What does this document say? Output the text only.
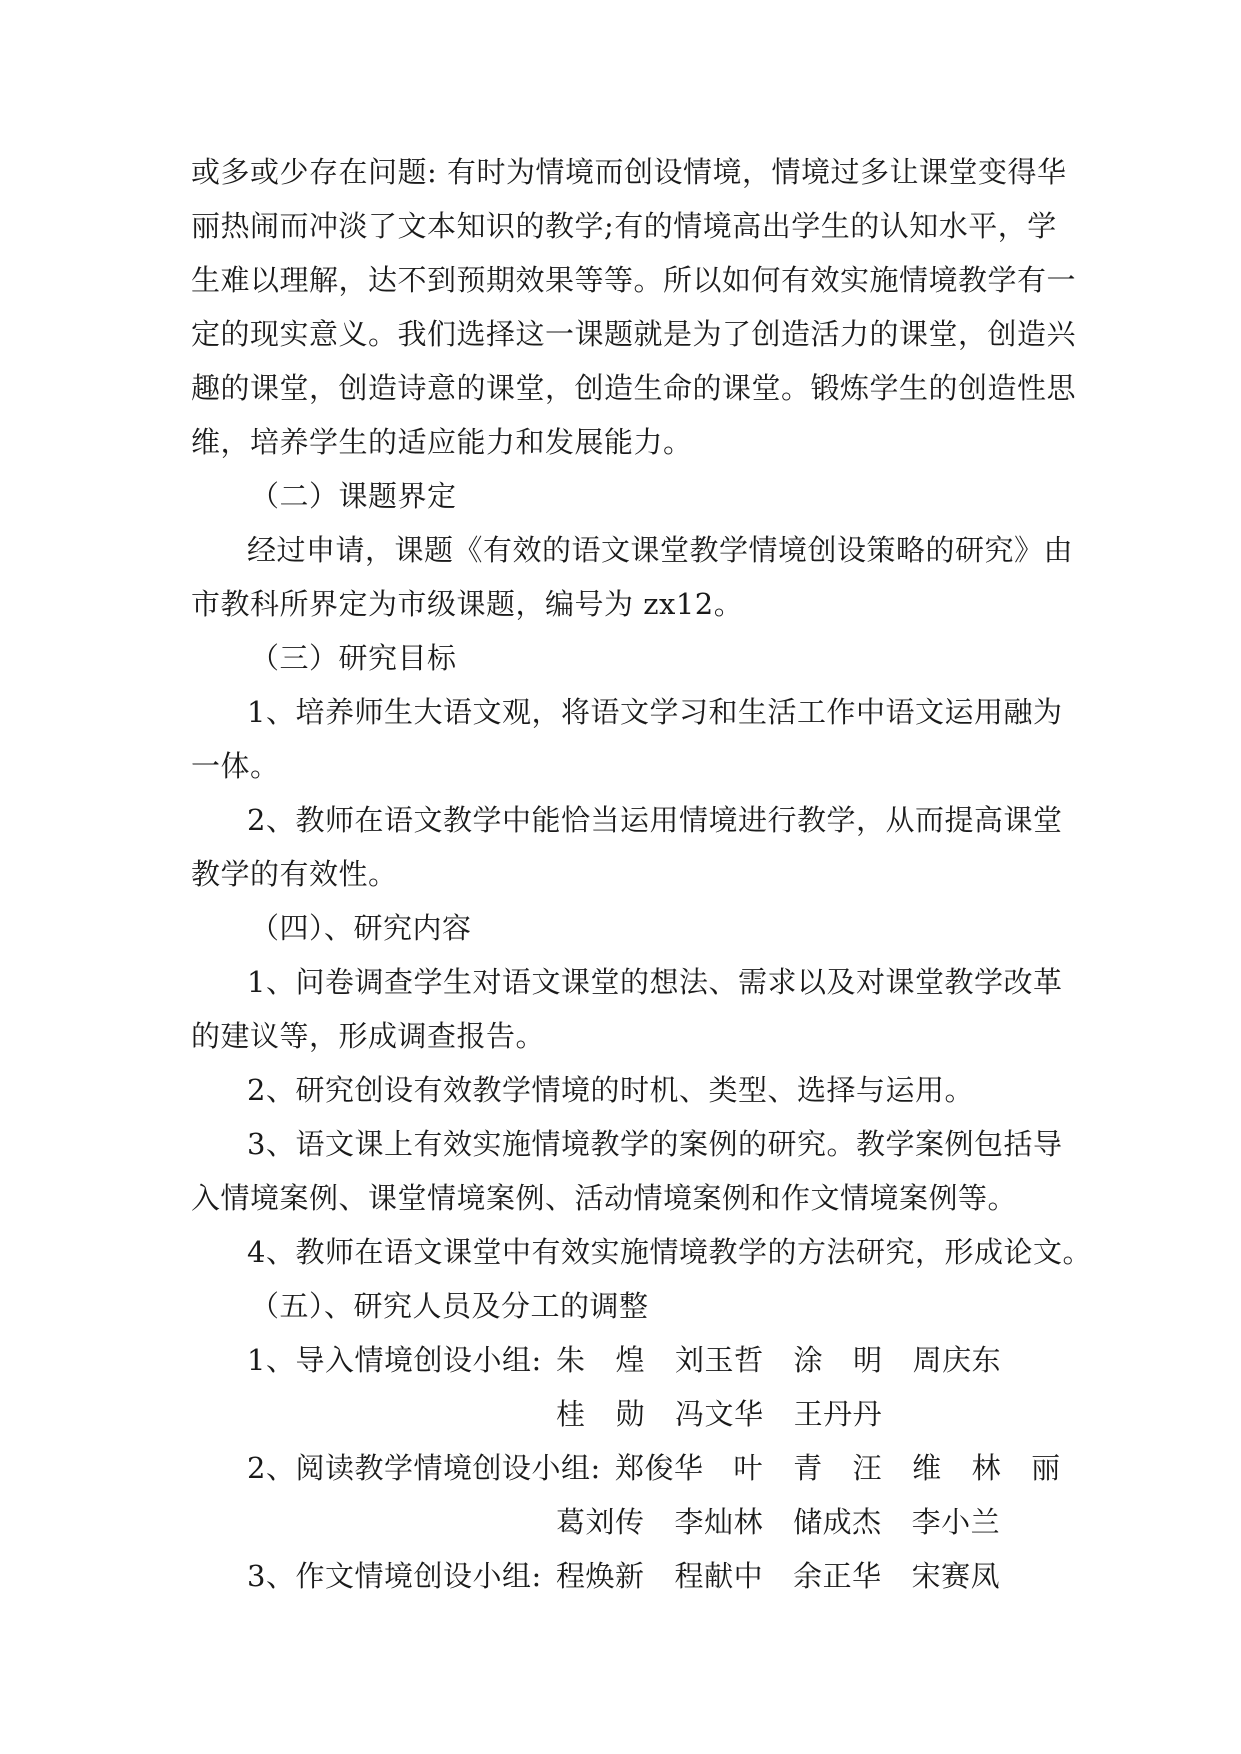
或多或少存在问题: 有时为情境而创设情境，情境过多让课堂变得华
丽热闹而冲淡了文本知识的教学;有的情境高出学生的认知水平，学
生难以理解，达不到预期效果等等。所以如何有效实施情境教学有一
定的现实意义。我们选择这一课题就是为了创造活力的课堂，创造兴
趣的课堂，创造诗意的课堂，创造生命的课堂。锻炼学生的创造性思
维，培养学生的适应能力和发展能力。
（二）课题界定
经过申请，课题《有效的语文课堂教学情境创设策略的研究》由
市教科所界定为市级课题，编号为 zx12。
（三）研究目标
1、培养师生大语文观，将语文学习和生活工作中语文运用融为
一体。
2、教师在语文教学中能恰当运用情境进行教学，从而提高课堂
教学的有效性。
（四）、研究内容
1、问卷调查学生对语文课堂的想法、需求以及对课堂教学改革
的建议等，形成调查报告。
2、研究创设有效教学情境的时机、类型、选择与运用。
3、语文课上有效实施情境教学的案例的研究。教学案例包括导
入情境案例、课堂情境案例、活动情境案例和作文情境案例等。
4、教师在语文课堂中有效实施情境教学的方法研究，形成论文。
（五）、研究人员及分工的调整
1、导入情境创设小组: 朱 煌 刘玉哲 涂 明 周庆东
桂 勋 冯文华 王丹丹
2、阅读教学情境创设小组: 郑俊华 叶 青 汪 维 林 丽
葛刘传 李灿林 储成杰 李小兰
3、作文情境创设小组: 程焕新 程献中 余正华 宋赛凤
